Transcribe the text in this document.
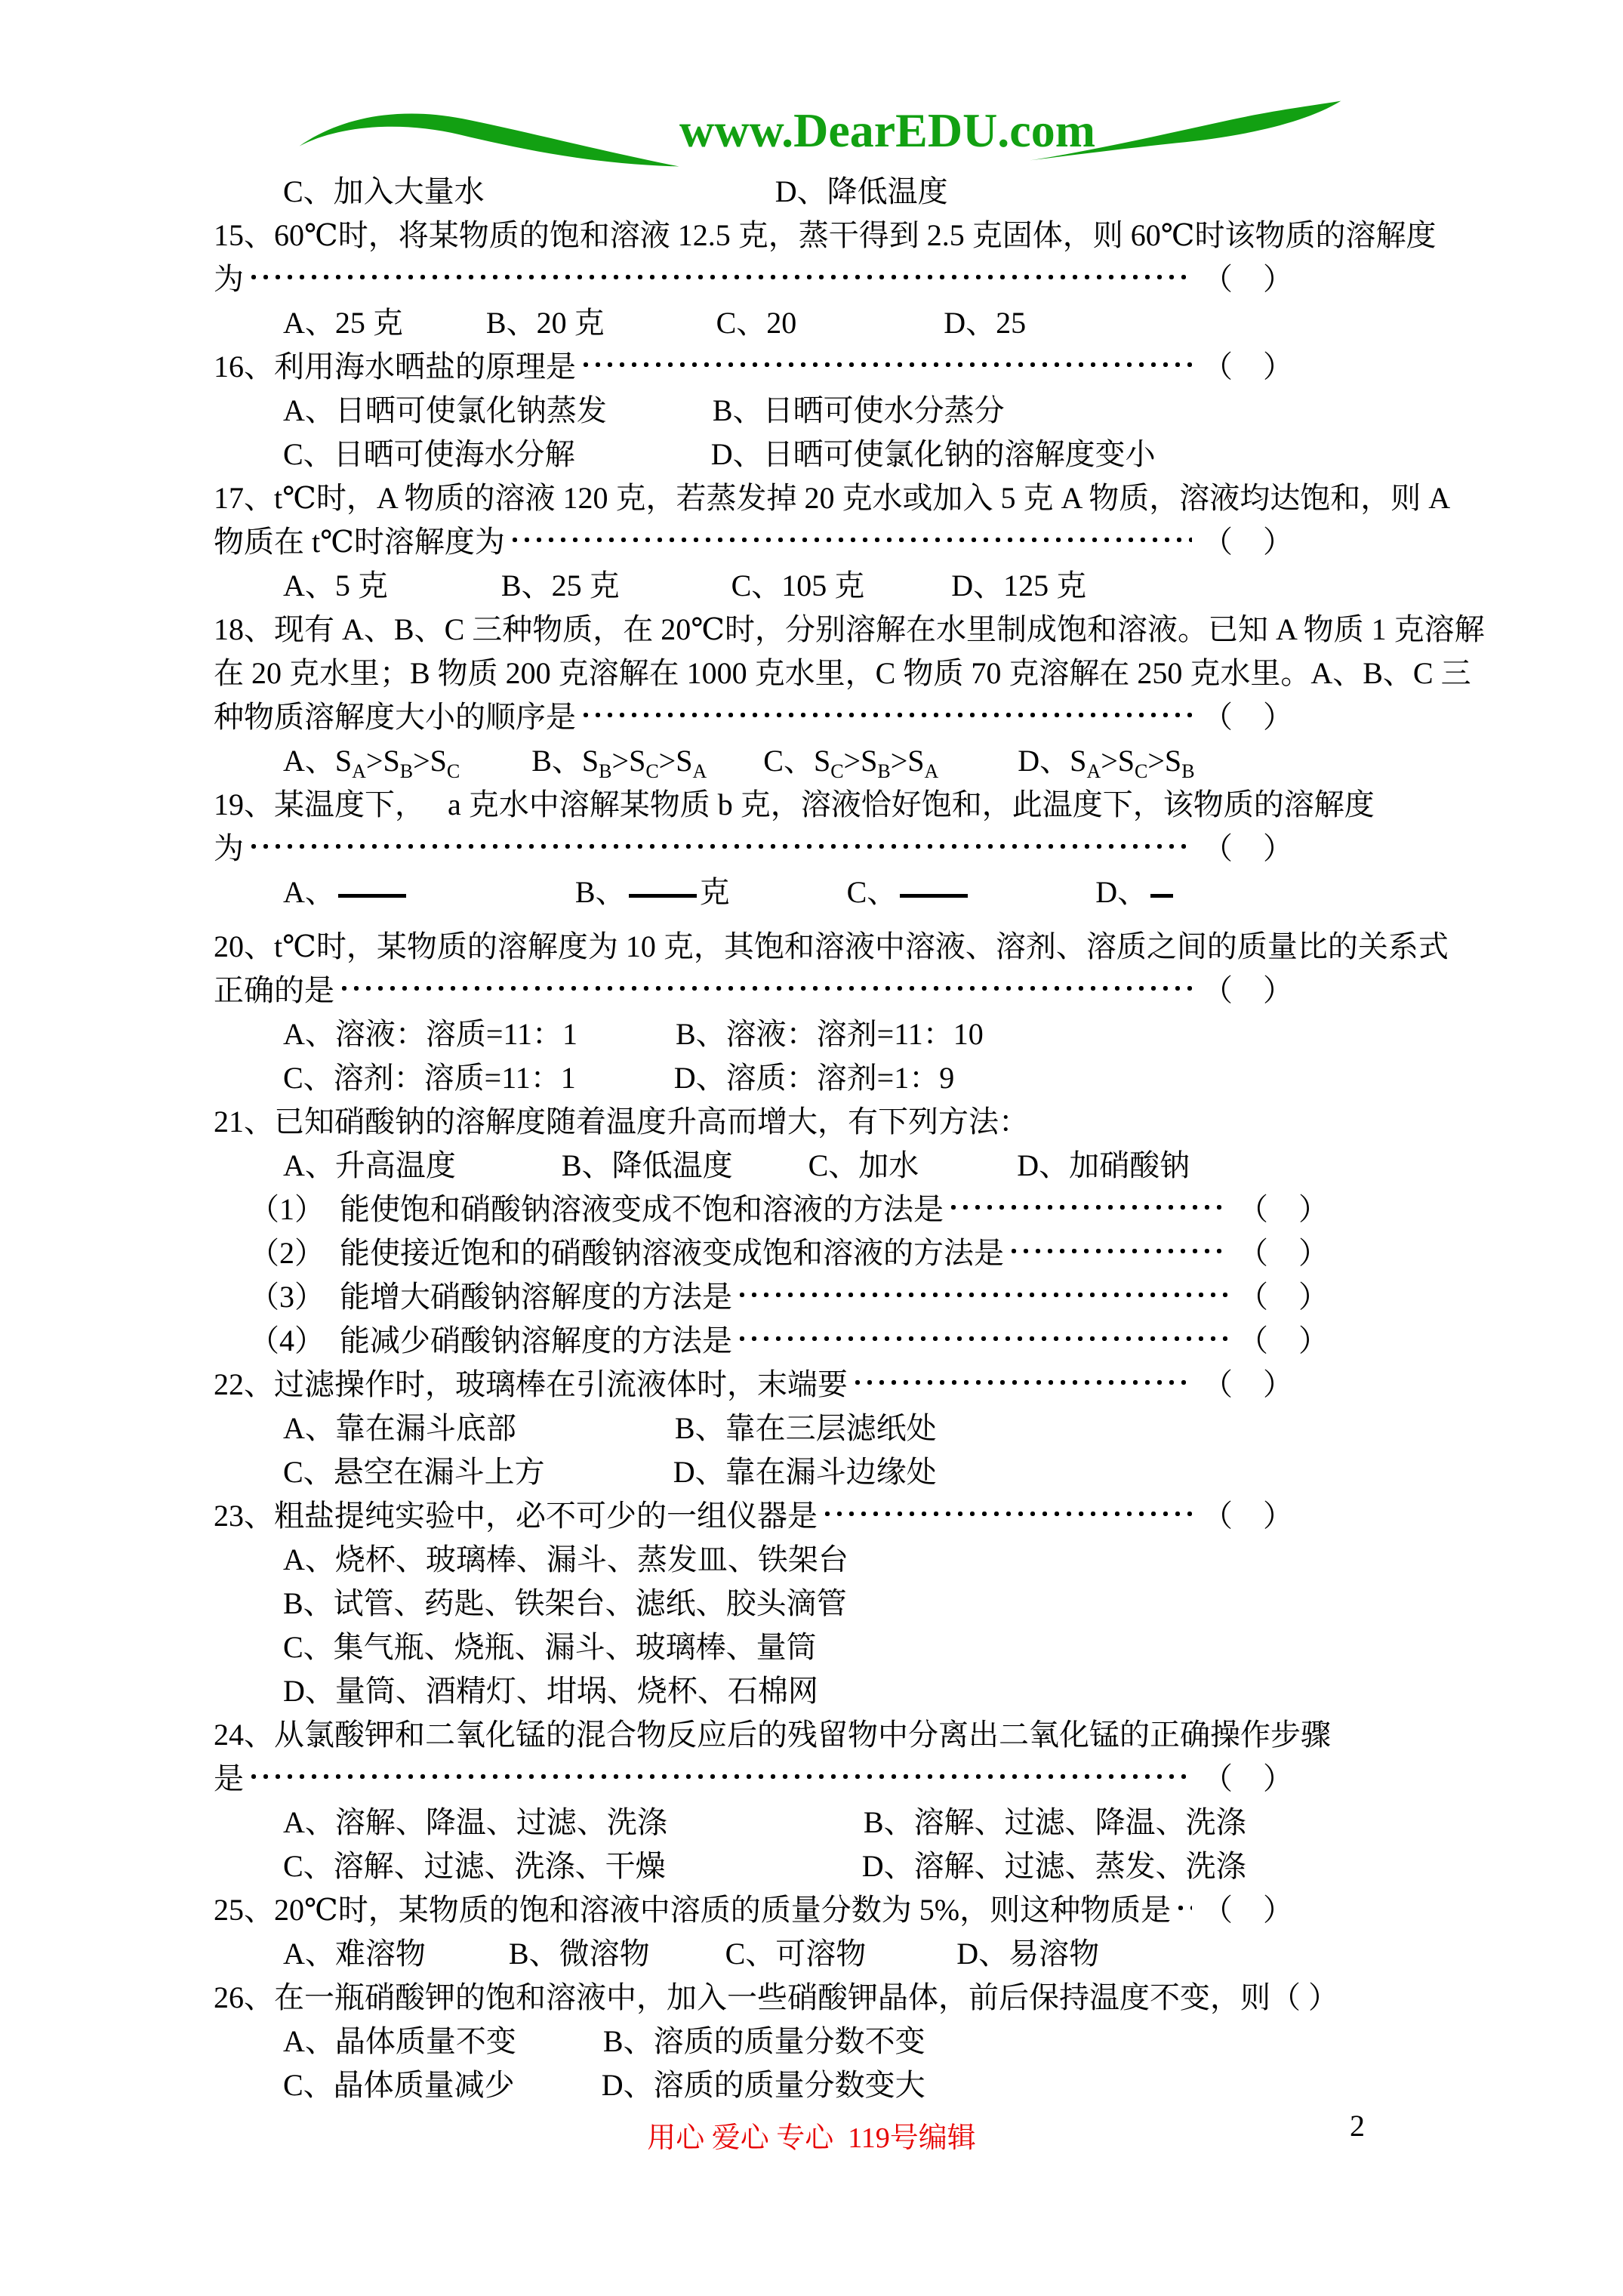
www.DearEDU.com
C、加入大量水	D、降低温度
15、60℃时，将某物质的饱和溶液 12.5 克，蒸干得到 2.5 克固体，则 60℃时该物质的溶解度
为	（　）
A、25 克	B、20 克	C、20	D、25
16、利用海水晒盐的原理是	（　）
A、日晒可使氯化钠蒸发	B、日晒可使水分蒸分
C、日晒可使海水分解	D、日晒可使氯化钠的溶解度变小
17、t℃时，A 物质的溶液 120 克，若蒸发掉 20 克水或加入 5 克 A 物质，溶液均达饱和，则 A
物质在 t℃时溶解度为	（　）
A、5 克	B、25 克	C、105 克	D、125 克
18、现有 A、B、C 三种物质，在 20℃时，分别溶解在水里制成饱和溶液。已知 A 物质 1 克溶解
在 20 克水里；B 物质 200 克溶解在 1000 克水里，C 物质 70 克溶解在 250 克水里。A、B、C 三
种物质溶解度大小的顺序是	（　）
A、S A >S B >S C B、S B >S C >S A C、S C >S B >S A	D、S A >S C >S B
19、某温度下，　 a 克水中溶解某物质 b 克，溶液恰好饱和，此温度下，该物质的溶解度
为	（　）
A、	B、 克	C、	D、
20、t℃时，某物质的溶解度为 10 克，其饱和溶液中溶液、溶剂、溶质之间的质量比的关系式
正确的是	（　）
A、溶液：溶质=11：1	B、溶液：溶剂=11：10
C、溶剂：溶质=11：1	D、溶质：溶剂=1：9
21、已知硝酸钠的溶解度随着温度升高而增大，有下列方法：
A、升高温度	B、降低温度	C、加水	D、加硝酸钠
（1）　能使饱和硝酸钠溶液变成不饱和溶液的方法是	（　）
（2）　能使接近饱和的硝酸钠溶液变成饱和溶液的方法是	（　）
（3）　能增大硝酸钠溶解度的方法是	（　）
（4）　能减少硝酸钠溶解度的方法是	（　）
22、过滤操作时，玻璃棒在引流液体时，末端要	（　）
A、靠在漏斗底部	B、靠在三层滤纸处
C、悬空在漏斗上方	D、靠在漏斗边缘处
23、粗盐提纯实验中，必不可少的一组仪器是	（　）
A、烧杯、玻璃棒、漏斗、蒸发皿、铁架台
B、试管、药匙、铁架台、滤纸、胶头滴管
C、集气瓶、烧瓶、漏斗、玻璃棒、量筒
D、量筒、酒精灯、坩埚、烧杯、石棉网
24、从氯酸钾和二氧化锰的混合物反应后的残留物中分离出二氧化锰的正确操作步骤
是	（　）
A、溶解、降温、过滤、洗涤	B、溶解、过滤、降温、洗涤
C、溶解、过滤、洗涤、干燥	D、溶解、过滤、蒸发、洗涤
25、20℃时，某物质的饱和溶液中溶质的质量分数为 5%，则这种物质是 （　）
A、难溶物	B、微溶物	C、可溶物	D、易溶物
26、在一瓶硝酸钾的饱和溶液中，加入一些硝酸钾晶体，前后保持温度不变，则（ ）
A、晶体质量不变	B、溶质的质量分数不变
C、晶体质量减少	D、溶质的质量分数变大
用心 爱心 专心  119号编辑	2
